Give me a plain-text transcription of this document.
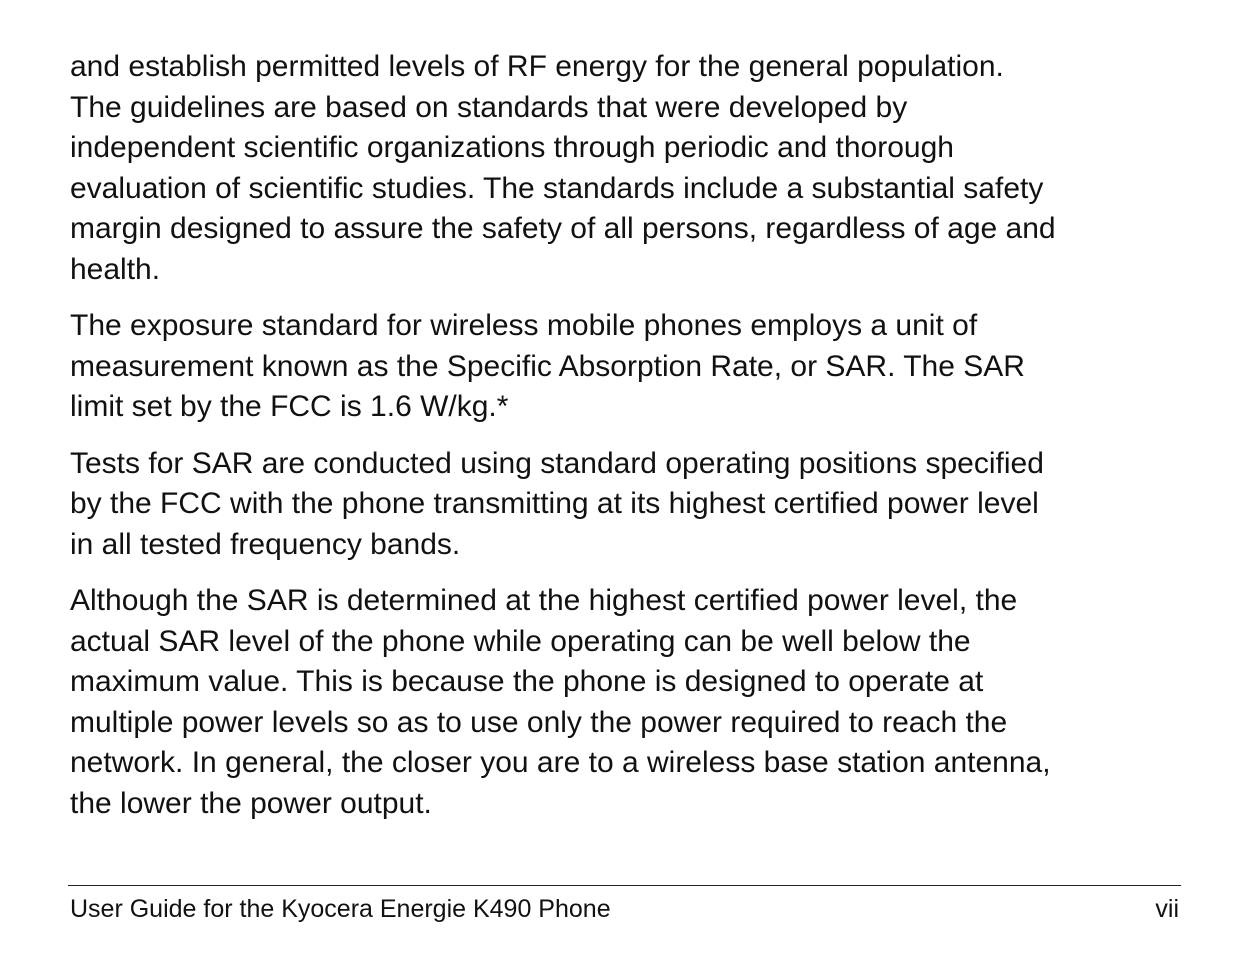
and establish permitted levels of RF energy for the general population.
The guidelines are based on standards that were developed by
independent scientific organizations through periodic and thorough
evaluation of scientific studies. The standards include a substantial safety
margin designed to assure the safety of all persons, regardless of age and
health.

The exposure standard for wireless mobile phones employs a unit of
measurement known as the Specific Absorption Rate, or SAR. The SAR
limit set by the FCC is 1.6 W/kg.*

Tests for SAR are conducted using standard operating positions specified
by the FCC with the phone transmitting at its highest certified power level
in all tested frequency bands.

Although the SAR is determined at the highest certified power level, the
actual SAR level of the phone while operating can be well below the
maximum value. This is because the phone is designed to operate at
multiple power levels so as to use only the power required to reach the
network. In general, the closer you are to a wireless base station antenna,
the lower the power output.

User Guide for the Kyocera Energie K490 Phone	vii
